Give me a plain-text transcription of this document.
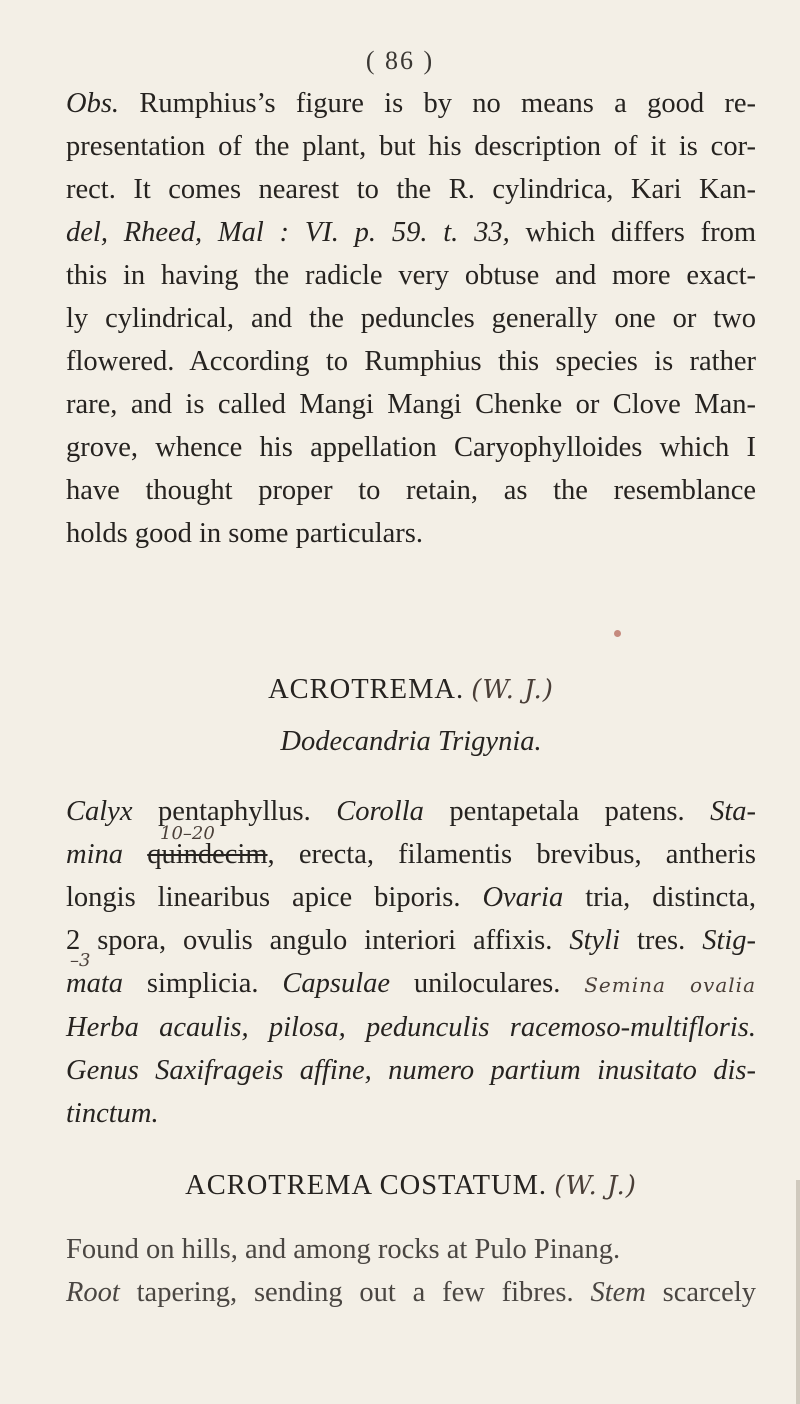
( 86 )
Obs. Rumphius’s figure is by no means a good re-
presentation of the plant, but his description of it is cor-
rect. It comes nearest to the R. cylindrica, Kari Kan-
del, Rheed, Mal : VI. p. 59. t. 33, which differs from
this in having the radicle very obtuse and more exact-
ly cylindrical, and the peduncles generally one or two
flowered. According to Rumphius this species is rather
rare, and is called Mangi Mangi Chenke or Clove Man-
grove, whence his appellation Caryophylloides which I
have thought proper to retain, as the resemblance
holds good in some particulars.
ACROTREMA. (W. J.)
Dodecandria Trigynia.
Calyx pentaphyllus. Corolla pentapetala patens. Sta-
mina quindecim, erecta, filamentis brevibus, antheris
longis linearibus apice biporis. Ovaria tria, distincta,
2 spora, ovulis angulo interiori affixis. Styli tres. Stig-
mata simplicia. Capsulae uniloculares. Semina ovalia
10–20
–3
Herba acaulis, pilosa, pedunculis racemoso-multifloris.
Genus Saxifrageis affine, numero partium inusitato dis-
tinctum.
ACROTREMA COSTATUM. (W. J.)
Found on hills, and among rocks at Pulo Pinang.
Root tapering, sending out a few fibres. Stem scarcely
